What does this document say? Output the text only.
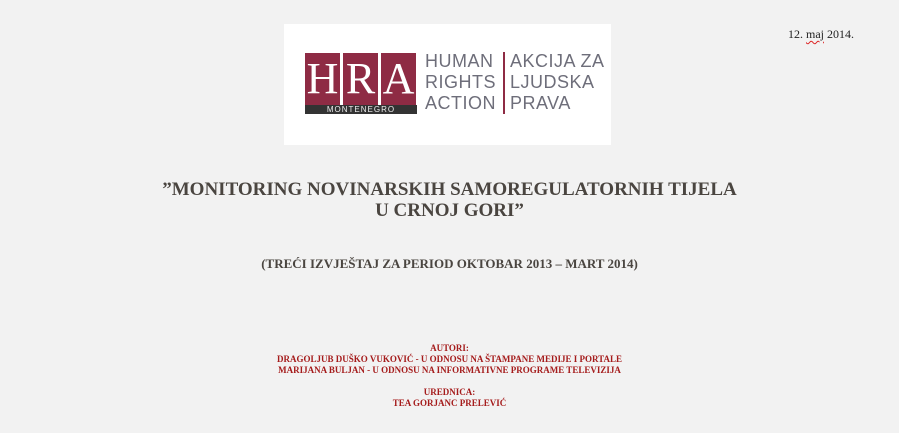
12. maj 2014.
H R A
MONTENEGRO
HUMAN
RIGHTS
ACTION
AKCIJA ZA
LJUDSKA
PRAVA
”MONITORING NOVINARSKIH SAMOREGULATORNIH TIJELA
U CRNOJ GORI”
(TREĆI IZVJEŠTAJ ZA PERIOD OKTOBAR 2013 – MART 2014)
AUTORI:
DRAGOLJUB DUŠKO VUKOVIĆ - U ODNOSU NA ŠTAMPANE MEDIJE I PORTALE
MARIJANA BULJAN - U ODNOSU NA INFORMATIVNE PROGRAME TELEVIZIJA
UREDNICA:
TEA GORJANC PRELEVIĆ
